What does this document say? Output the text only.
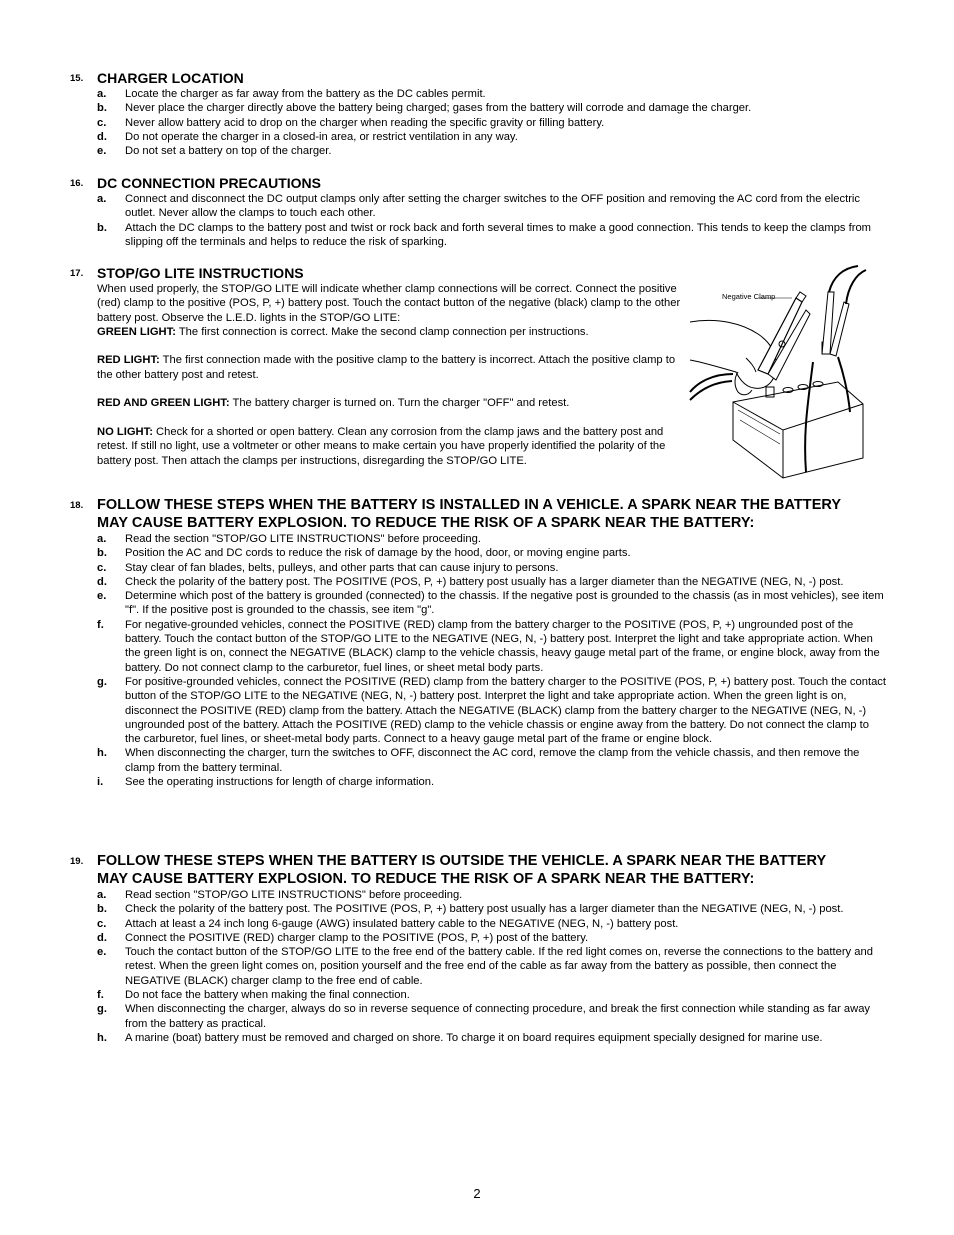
15. CHARGER LOCATION
a. Locate the charger as far away from the battery as the DC cables permit.
b. Never place the charger directly above the battery being charged; gases from the battery will corrode and damage the charger.
c. Never allow battery acid to drop on the charger when reading the specific gravity or filling battery.
d. Do not operate the charger in a closed-in area, or restrict ventilation in any way.
e. Do not set a battery on top of the charger.
16. DC CONNECTION PRECAUTIONS
a. Connect and disconnect the DC output clamps only after setting the charger switches to the OFF position and removing the AC cord from the electric outlet. Never allow the clamps to touch each other.
b. Attach the DC clamps to the battery post and twist or rock back and forth several times to make a good connection. This tends to keep the clamps from slipping off the terminals and helps to reduce the risk of sparking.
17. STOP/GO LITE INSTRUCTIONS
When used properly, the STOP/GO LITE will indicate whether clamp connections will be correct. Connect the positive (red) clamp to the positive (POS, P, +) battery post. Touch the contact button of the negative (black) clamp to the other battery post. Observe the L.E.D. lights in the STOP/GO LITE:
GREEN LIGHT: The first connection is correct. Make the second clamp connection per instructions.
RED LIGHT: The first connection made with the positive clamp to the battery is incorrect. Attach the positive clamp to the other battery post and retest.
RED AND GREEN LIGHT: The battery charger is turned on. Turn the charger "OFF" and retest.
NO LIGHT: Check for a shorted or open battery. Clean any corrosion from the clamp jaws and the battery post and retest. If still no light, use a voltmeter or other means to make certain you have properly identified the polarity of the battery post. Then attach the clamps per instructions, disregarding the STOP/GO LITE.
Negative Clamp
18. FOLLOW THESE STEPS WHEN THE BATTERY IS INSTALLED IN A VEHICLE. A SPARK NEAR THE BATTERY MAY CAUSE BATTERY EXPLOSION. TO REDUCE THE RISK OF A SPARK NEAR THE BATTERY:
a. Read the section "STOP/GO LITE INSTRUCTIONS" before proceeding.
b. Position the AC and DC cords to reduce the risk of damage by the hood, door, or moving engine parts.
c. Stay clear of fan blades, belts, pulleys, and other parts that can cause injury to persons.
d. Check the polarity of the battery post. The POSITIVE (POS, P, +) battery post usually has a larger diameter than the NEGATIVE (NEG, N, -) post.
e. Determine which post of the battery is grounded (connected) to the chassis. If the negative post is grounded to the chassis (as in most vehicles), see item "f". If the positive post is grounded to the chassis, see item "g".
f. For negative-grounded vehicles, connect the POSITIVE (RED) clamp from the battery charger to the POSITIVE (POS, P, +) ungrounded post of the battery. Touch the contact button of the STOP/GO LITE to the NEGATIVE (NEG, N, -) battery post. Interpret the light and take appropriate action. When the green light is on, connect the NEGATIVE (BLACK) clamp to the vehicle chassis, heavy gauge metal part of the frame, or engine block, away from the battery. Do not connect clamp to the carburetor, fuel lines, or sheet metal body parts.
g. For positive-grounded vehicles, connect the POSITIVE (RED) clamp from the battery charger to the POSITIVE (POS, P, +) battery post. Touch the contact button of the STOP/GO LITE to the NEGATIVE (NEG, N, -) battery post. Interpret the light and take appropriate action. When the green light is on, disconnect the POSITIVE (RED) clamp from the battery. Attach the NEGATIVE (BLACK) clamp from the battery charger to the NEGATIVE (NEG, N, -) ungrounded post of the battery. Attach the POSITIVE (RED) clamp to the vehicle chassis or engine away from the battery. Do not connect the clamp to the carburetor, fuel lines, or sheet-metal body parts. Connect to a heavy gauge metal part of the frame or engine block.
h. When disconnecting the charger, turn the switches to OFF, disconnect the AC cord, remove the clamp from the vehicle chassis, and then remove the clamp from the battery terminal.
i. See the operating instructions for length of charge information.
19. FOLLOW THESE STEPS WHEN THE BATTERY IS OUTSIDE THE VEHICLE. A SPARK NEAR THE BATTERY MAY CAUSE BATTERY EXPLOSION. TO REDUCE THE RISK OF A SPARK NEAR THE BATTERY:
a. Read section "STOP/GO LITE INSTRUCTIONS" before proceeding.
b. Check the polarity of the battery post. The POSITIVE (POS, P, +) battery post usually has a larger diameter than the NEGATIVE (NEG, N, -) post.
c. Attach at least a 24 inch long 6-gauge (AWG) insulated battery cable to the NEGATIVE (NEG, N, -) battery post.
d. Connect the POSITIVE (RED) charger clamp to the POSITIVE (POS, P, +) post of the battery.
e. Touch the contact button of the STOP/GO LITE to the free end of the battery cable. If the red light comes on, reverse the connections to the battery and retest. When the green light comes on, position yourself and the free end of the cable as far away from the battery as possible, then connect the NEGATIVE (BLACK) charger clamp to the free end of cable.
f. Do not face the battery when making the final connection.
g. When disconnecting the charger, always do so in reverse sequence of connecting procedure, and break the first connection while standing as far away from the battery as practical.
h. A marine (boat) battery must be removed and charged on shore. To charge it on board requires equipment specially designed for marine use.
2
